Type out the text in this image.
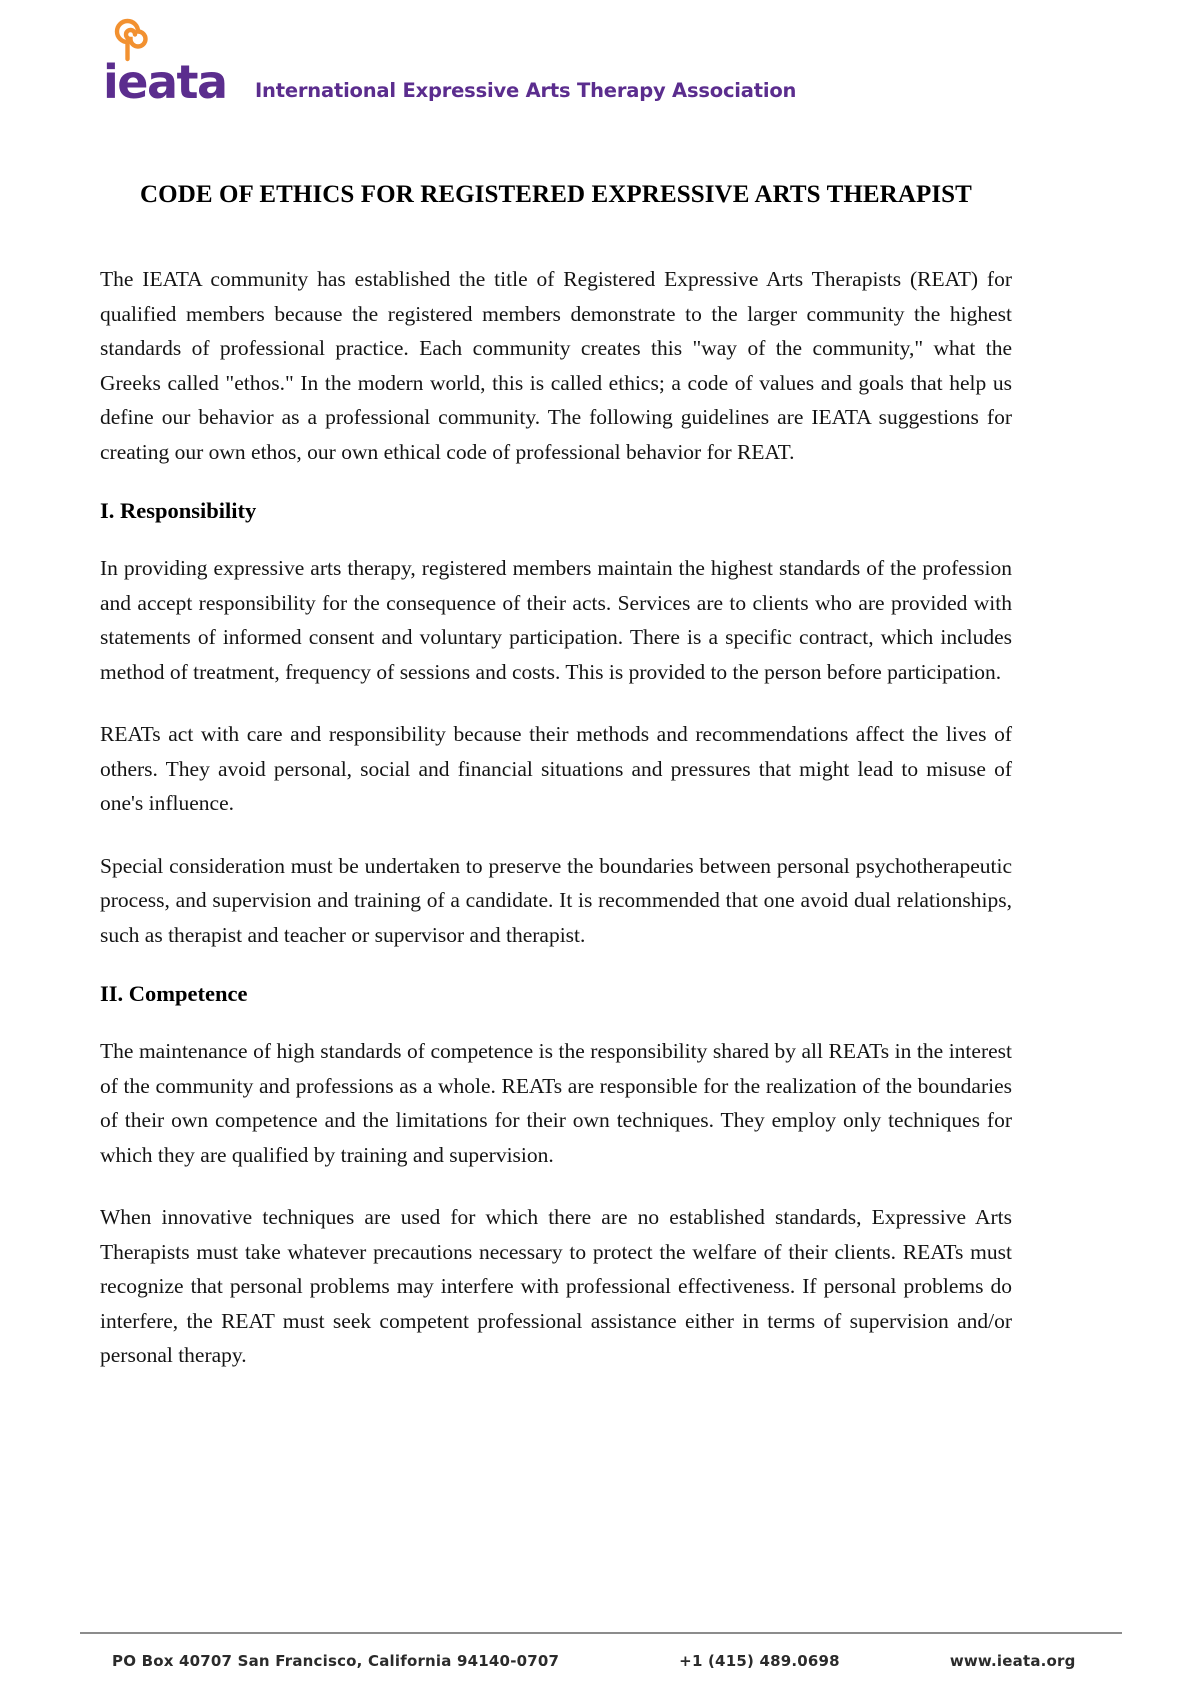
ieata International Expressive Arts Therapy Association
CODE OF ETHICS FOR REGISTERED EXPRESSIVE ARTS THERAPIST

The IEATA community has established the title of Registered Expressive Arts Therapists (REAT) for qualified members because the registered members demonstrate to the larger community the highest standards of professional practice. Each community creates this "way of the community," what the Greeks called "ethos." In the modern world, this is called ethics; a code of values and goals that help us define our behavior as a professional community. The following guidelines are IEATA suggestions for creating our own ethos, our own ethical code of professional behavior for REAT.

I. Responsibility

In providing expressive arts therapy, registered members maintain the highest standards of the profession and accept responsibility for the consequence of their acts. Services are to clients who are provided with statements of informed consent and voluntary participation. There is a specific contract, which includes method of treatment, frequency of sessions and costs. This is provided to the person before participation.

REATs act with care and responsibility because their methods and recommendations affect the lives of others. They avoid personal, social and financial situations and pressures that might lead to misuse of one's influence.

Special consideration must be undertaken to preserve the boundaries between personal psychotherapeutic process, and supervision and training of a candidate. It is recommended that one avoid dual relationships, such as therapist and teacher or supervisor and therapist.

II. Competence

The maintenance of high standards of competence is the responsibility shared by all REATs in the interest of the community and professions as a whole. REATs are responsible for the realization of the boundaries of their own competence and the limitations for their own techniques. They employ only techniques for which they are qualified by training and supervision.

When innovative techniques are used for which there are no established standards, Expressive Arts Therapists must take whatever precautions necessary to protect the welfare of their clients. REATs must recognize that personal problems may interfere with professional effectiveness. If personal problems do interfere, the REAT must seek competent professional assistance either in terms of supervision and/or personal therapy.

PO Box 40707 San Francisco, California 94140-0707	+1 (415) 489.0698	www.ieata.org
